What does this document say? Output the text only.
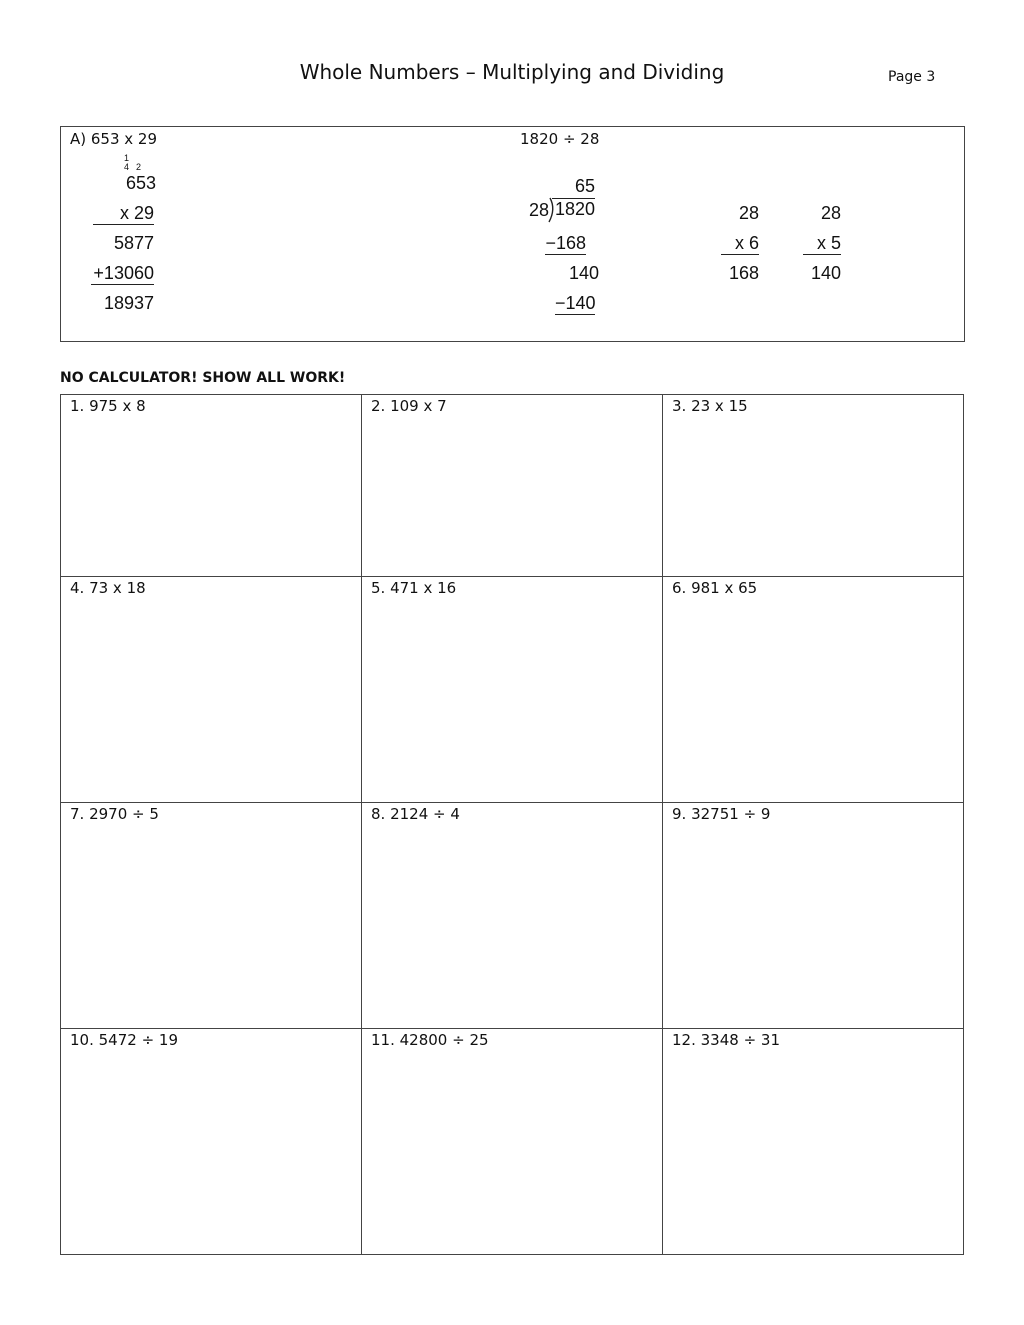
Whole Numbers – Multiplying and Dividing	Page 3
A) 653 x 29
1
4 2
653
x 29
5877
+13060
18937
1820 ÷ 28
65
28 1820
−168
140
−140
28
x 6
168
28
x 5
140
NO CALCULATOR! SHOW ALL WORK!
1. 975 x 8	2. 109 x 7	3. 23 x 15
4. 73 x 18	5. 471 x 16	6. 981 x 65
7. 2970 ÷ 5	8. 2124 ÷ 4	9. 32751 ÷ 9
10. 5472 ÷ 19	11. 42800 ÷ 25	12. 3348 ÷ 31
